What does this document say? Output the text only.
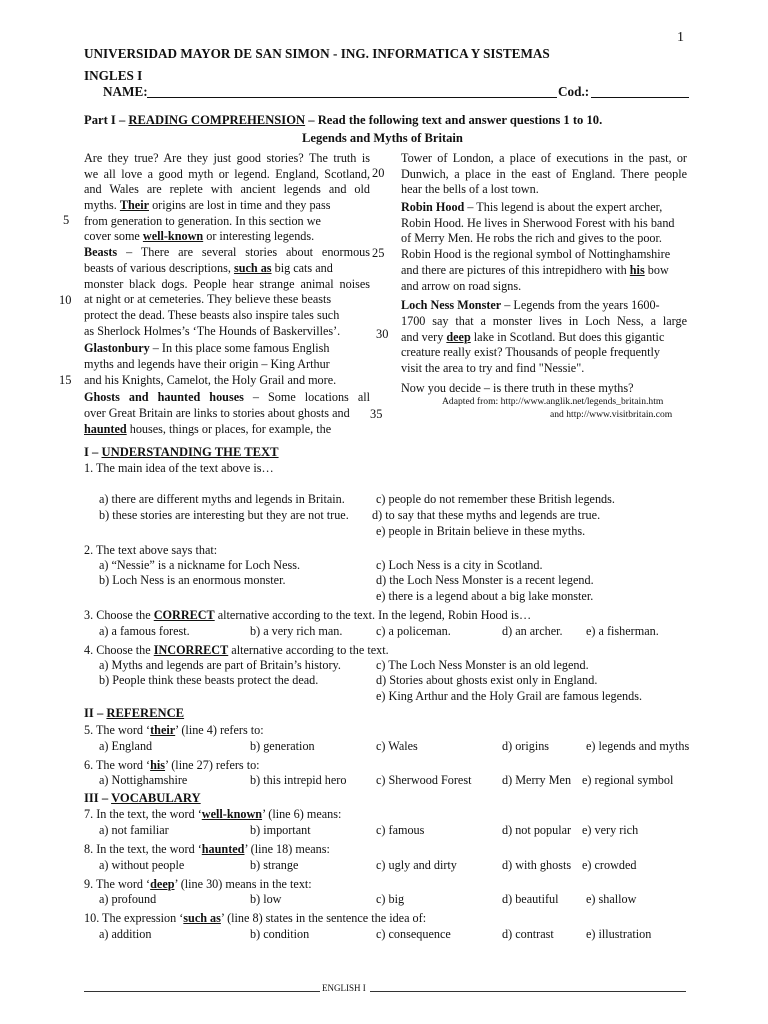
1
UNIVERSIDAD MAYOR DE SAN SIMON - ING. INFORMATICA Y SISTEMAS
INGLES I
NAME:	Cod.:
Part I – READING COMPREHENSION – Read the following text and answer questions 1 to 10.
Legends and Myths of Britain
Are they true? Are they just good stories? The truth is
we all love a good myth or legend. England, Scotland,
and Wales are replete with ancient legends and old
myths. Their origins are lost in time and they pass
from generation to generation. In this section we
cover some well-known or interesting legends.
Beasts – There are several stories about enormous
beasts of various descriptions, such as big cats and
monster black dogs. People hear strange animal noises
at night or at cemeteries. They believe these beasts
protect the dead. These beasts also inspire tales such
as Sherlock Holmes’s ‘The Hounds of Baskervilles’.
Glastonbury – In this place some famous English
myths and legends have their origin – King Arthur
and his Knights, Camelot, the Holy Grail and more.
Ghosts and haunted houses – Some locations all
over Great Britain are links to stories about ghosts and
haunted houses, things or places, for example, the
5
10
15
20
25
30
35
Tower of London, a place of executions in the past, or
Dunwich, a place in the east of England. There people
hear the bells of a lost town.
Robin Hood – This legend is about the expert archer,
Robin Hood. He lives in Sherwood Forest with his band
of Merry Men. He robs the rich and gives to the poor.
Robin Hood is the regional symbol of Nottinghamshire
and there are pictures of this intrepidhero with his bow
and arrow on road signs.
Loch Ness Monster – Legends from the years 1600-
1700 say that a monster lives in Loch Ness, a large
and very deep lake in Scotland. But does this gigantic
creature really exist? Thousands of people frequently
visit the area to try and find "Nessie".
Now you decide – is there truth in these myths?
Adapted from: http://www.anglik.net/legends_britain.htm
and http://www.visitbritain.com
I – UNDERSTANDING THE TEXT
1. The main idea of the text above is…
a) there are different myths and legends in Britain.	c) people do not remember these British legends.
b) these stories are interesting but they are not true. d) to say that these myths and legends are true.
e) people in Britain believe in these myths.
2. The text above says that:
a) “Nessie” is a nickname for Loch Ness.	c) Loch Ness is a city in Scotland.
b) Loch Ness is an enormous monster.	d) the Loch Ness Monster is a recent legend.
e) there is a legend about a big lake monster.
3. Choose the CORRECT alternative according to the text. In the legend, Robin Hood is…
a) a famous forest.	b) a very rich man.	c) a policeman.	d) an archer. e) a fisherman.
4. Choose the INCORRECT alternative according to the text.
a) Myths and legends are part of Britain’s history.	c) The Loch Ness Monster is an old legend.
b) People think these beasts protect the dead.	d) Stories about ghosts exist only in England.
e) King Arthur and the Holy Grail are famous legends.
II – REFERENCE
5. The word ‘their’ (line 4) refers to:
a) England	b) generation	c) Wales	d) origins	e) legends and myths
6. The word ‘his’ (line 27) refers to:
a) Nottighamshire	b) this intrepid hero c) Sherwood Forest	d) Merry Men e) regional symbol
III – VOCABULARY
7. In the text, the word ‘well-known’ (line 6) means:
a) not familiar	b) important	c) famous	d) not popular e) very rich
8. In the text, the word ‘haunted’ (line 18) means:
a) without people	b) strange	c) ugly and dirty	d) with ghosts e) crowded
9. The word ‘deep’ (line 30) means in the text:
a) profound	b) low	c) big	d) beautiful e) shallow
10. The expression ‘such as’ (line 8) states in the sentence the idea of:
a) addition	b) condition	c) consequence	d) contrast	e) illustration
ENGLISH I
